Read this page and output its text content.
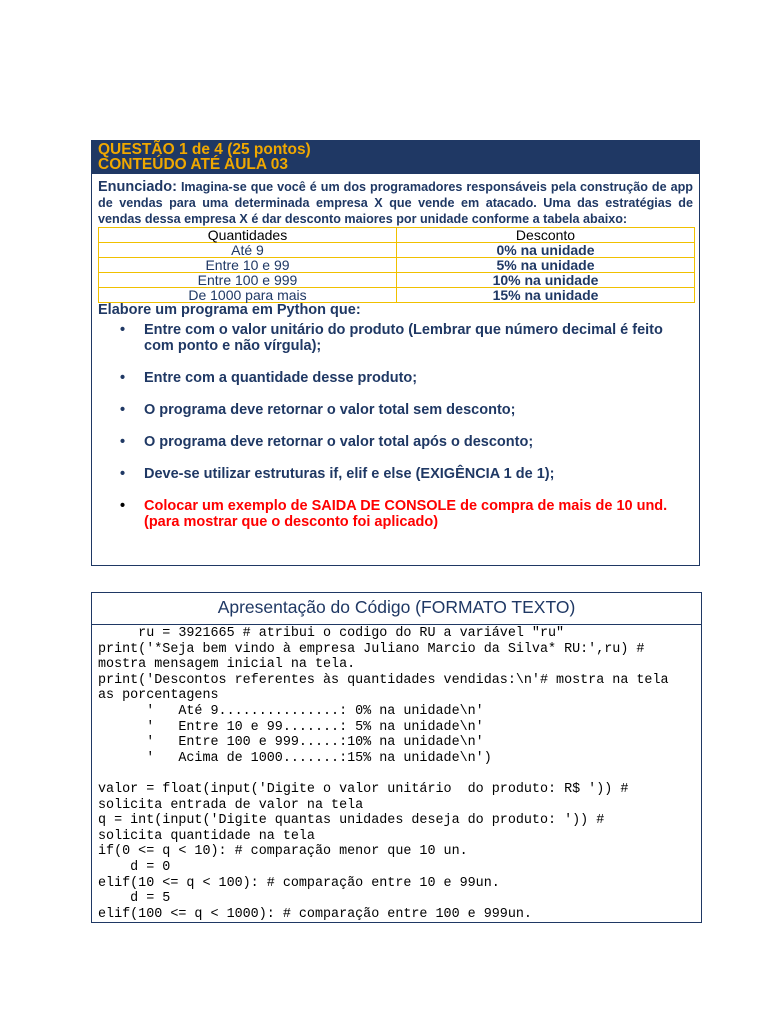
QUESTÃO 1 de 4 (25 pontos)
CONTEÚDO ATÉ AULA 03

Enunciado: Imagina-se que você é um dos programadores responsáveis pela construção de app de vendas para uma determinada empresa X que vende em atacado. Uma das estratégias de vendas dessa empresa X é dar desconto maiores por unidade conforme a tabela abaixo:

Quantidades	Desconto
Até 9	0% na unidade
Entre 10 e 99	5% na unidade
Entre 100 e 999	10% na unidade
De 1000 para mais	15% na unidade

Elabore um programa em Python que:

• Entre com o valor unitário do produto (Lembrar que número decimal é feito com ponto e não vírgula);
• Entre com a quantidade desse produto;
• O programa deve retornar o valor total sem desconto;
• O programa deve retornar o valor total após o desconto;
• Deve-se utilizar estruturas if, elif e else (EXIGÊNCIA 1 de 1);
• Colocar um exemplo de SAIDA DE CONSOLE de compra de mais de 10 und. (para mostrar que o desconto foi aplicado)
Apresentação do Código (FORMATO TEXTO)
ru = 3921665 # atribui o codigo do RU a variável "ru"
print('*Seja bem vindo à empresa Juliano Marcio da Silva* RU:',ru) #
mostra mensagem inicial na tela.
print('Descontos referentes às quantidades vendidas:\n'# mostra na tela
as porcentagens
'   Até 9...............: 0% na unidade\n'
'   Entre 10 e 99.......: 5% na unidade\n'
'   Entre 100 e 999.....:10% na unidade\n'
'   Acima de 1000.......:15% na unidade\n')
valor = float(input('Digite o valor unitário  do produto: R$ ')) #
solicita entrada de valor na tela
q = int(input('Digite quantas unidades deseja do produto: ')) #
solicita quantidade na tela
if(0 <= q < 10): # comparação menor que 10 un.
d = 0
elif(10 <= q < 100): # comparação entre 10 e 99un.
d = 5
elif(100 <= q < 1000): # comparação entre 100 e 999un.
